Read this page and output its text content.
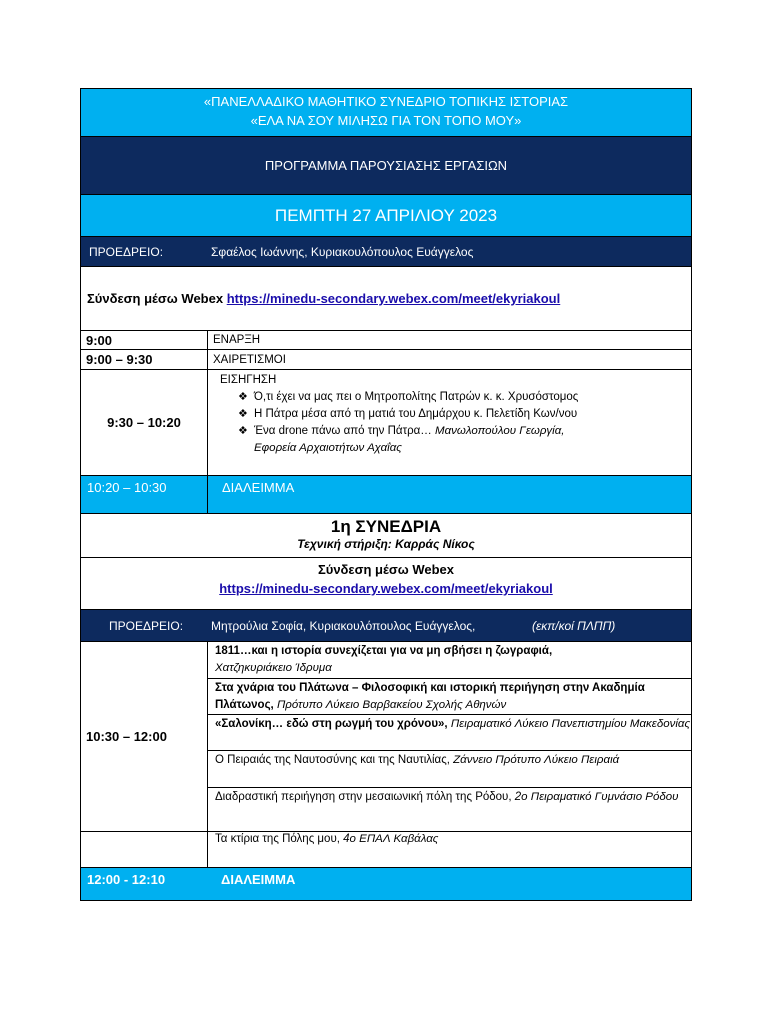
«ΠΑΝΕΛΛΑΔΙΚΟ ΜΑΘΗΤΙΚΟ ΣΥΝΕΔΡΙΟ ΤΟΠΙΚΗΣ ΙΣΤΟΡΙΑΣ
«ΕΛΑ ΝΑ ΣΟΥ ΜΙΛΗΣΩ ΓΙΑ ΤΟΝ ΤΟΠΟ ΜΟΥ»
ΠΡΟΓΡΑΜΜΑ ΠΑΡΟΥΣΙΑΣΗΣ ΕΡΓΑΣΙΩΝ
ΠΕΜΠΤΗ 27 ΑΠΡΙΛΙΟΥ 2023
ΠΡΟΕΔΡΕΙΟ:	Σφαέλος Ιωάννης, Κυριακουλόπουλος Ευάγγελος
Σύνδεση μέσω Webex
https://minedu-secondary.webex.com/meet/ekyriakoul
9:00	ΕΝΑΡΞΗ
9:00 – 9:30	ΧΑΙΡΕΤΙΣΜΟΙ
9:30 – 10:20
ΕΙΣΗΓΗΣΗ
❖ Ό,τι έχει να μας πει ο Μητροπολίτης Πατρών κ. κ. Χρυσόστομος
❖ Η Πάτρα μέσα από τη ματιά του Δημάρχου κ. Πελετίδη Κων/νου
❖ Ένα drone πάνω από την Πάτρα… Μανωλοπούλου Γεωργία,
Εφορεία Αρχαιοτήτων Αχαΐας
10:20 – 10:30	ΔΙΑΛΕΙΜΜΑ
1η ΣΥΝΕΔΡΙΑ
Τεχνική στήριξη: Καρράς Νίκος
Σύνδεση μέσω Webex
https://minedu-secondary.webex.com/meet/ekyriakoul
ΠΡΟΕΔΡΕΙΟ: Μητρούλια Σοφία, Κυριακουλόπουλος Ευάγγελος,	(εκπ/κοί ΠΛΠΠ)
10:30 – 12:00
1811…και η ιστορία συνεχίζεται για να μη σβήσει η ζωγραφιά,
Χατζηκυριάκειο Ίδρυμα
Στα χνάρια του Πλάτωνα – Φιλοσοφική και ιστορική περιήγηση στην Ακαδημία Πλάτωνος, Πρότυπο Λύκειο Βαρβακείου Σχολής Αθηνών
«Σαλονίκη… εδώ στη ρωγμή του χρόνου», Πειραματικό Λύκειο Πανεπιστημίου Μακεδονίας
Ο Πειραιάς της Ναυτοσύνης και της Ναυτιλίας, Ζάννειο Πρότυπο Λύκειο Πειραιά
Διαδραστική περιήγηση στην μεσαιωνική πόλη της Ρόδου, 2ο Πειραματικό Γυμνάσιο Ρόδου
Τα κτίρια της Πόλης μου, 4ο ΕΠΑΛ Καβάλας
12:00 - 12:10	ΔΙΑΛΕΙΜΜΑ
